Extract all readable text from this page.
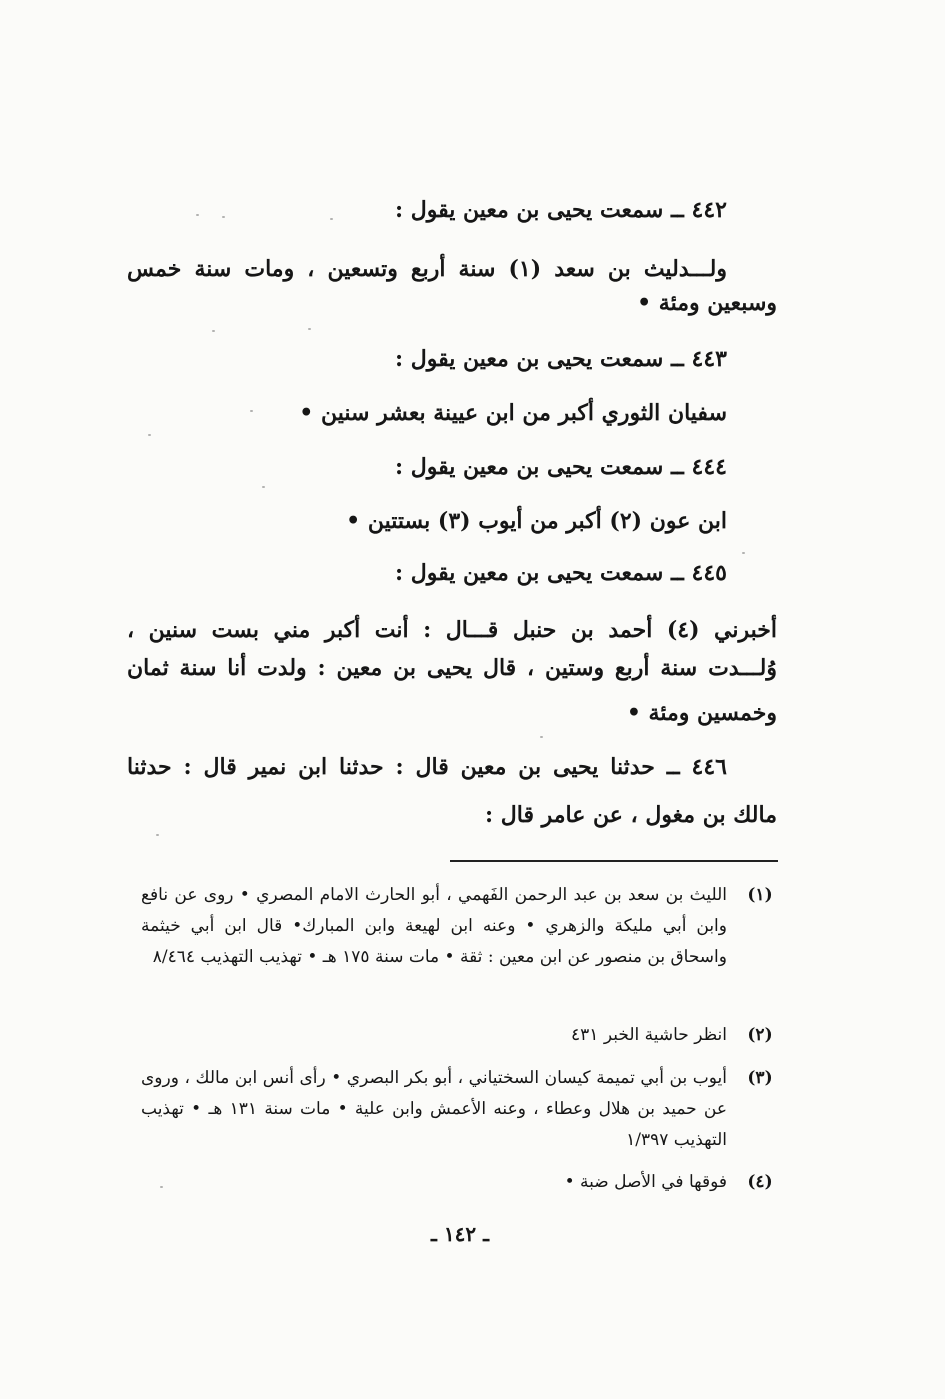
٤٤٢ ــ سمعت يحيى بن معين يقول :
ولـــدليث بن سعد (١) سنة أربع وتسعين ، ومات سنة خمس
وسبعين ومئة •
٤٤٣ ــ سمعت يحيى بن معين يقول :
سفيان الثوري أكبر من ابن عيينة بعشر سنين •
٤٤٤ ــ سمعت يحيى بن معين يقول :
ابن عون (٢) أكبر من أيوب (٣) بستتين •
٤٤٥ ــ سمعت يحيى بن معين يقول :
أخبرني (٤) أحمد بن حنبل قـــال : أنت أكبر مني بست سنين ،
وُلـــدت سنة أربع وستين ، قال يحيى بن معين : ولدت أنا سنة ثمان
وخمسين ومئة •
٤٤٦ ــ حدثنا يحيى بن معين قال : حدثنا ابن نمير قال : حدثنا
مالك بن مغول ، عن عامر قال :
(١)
الليث بن سعد بن عبد الرحمن الفَهمي ، أبو الحارث الامام المصري • روى عن نافع وابن أبي مليكة والزهري • وعنه ابن لهيعة وابن المبارك• قال ابن أبي خيثمة واسحاق بن منصور عن ابن معين : ثقة • مات سنة ١٧٥ هـ • تهذيب التهذيب ٨/٤٦٤
(٢)
انظر حاشية الخبر ٤٣١
(٣)
أيوب بن أبي تميمة كيسان السختياني ، أبو بكر البصري • رأى أنس ابن مالك ، وروى عن حميد بن هلال وعطاء ، وعنه الأعمش وابن علية • مات سنة ١٣١ هـ • تهذيب التهذيب ١/٣٩٧
(٤)
فوقها في الأصل ضبة •
ـ ١٤٢ ـ
